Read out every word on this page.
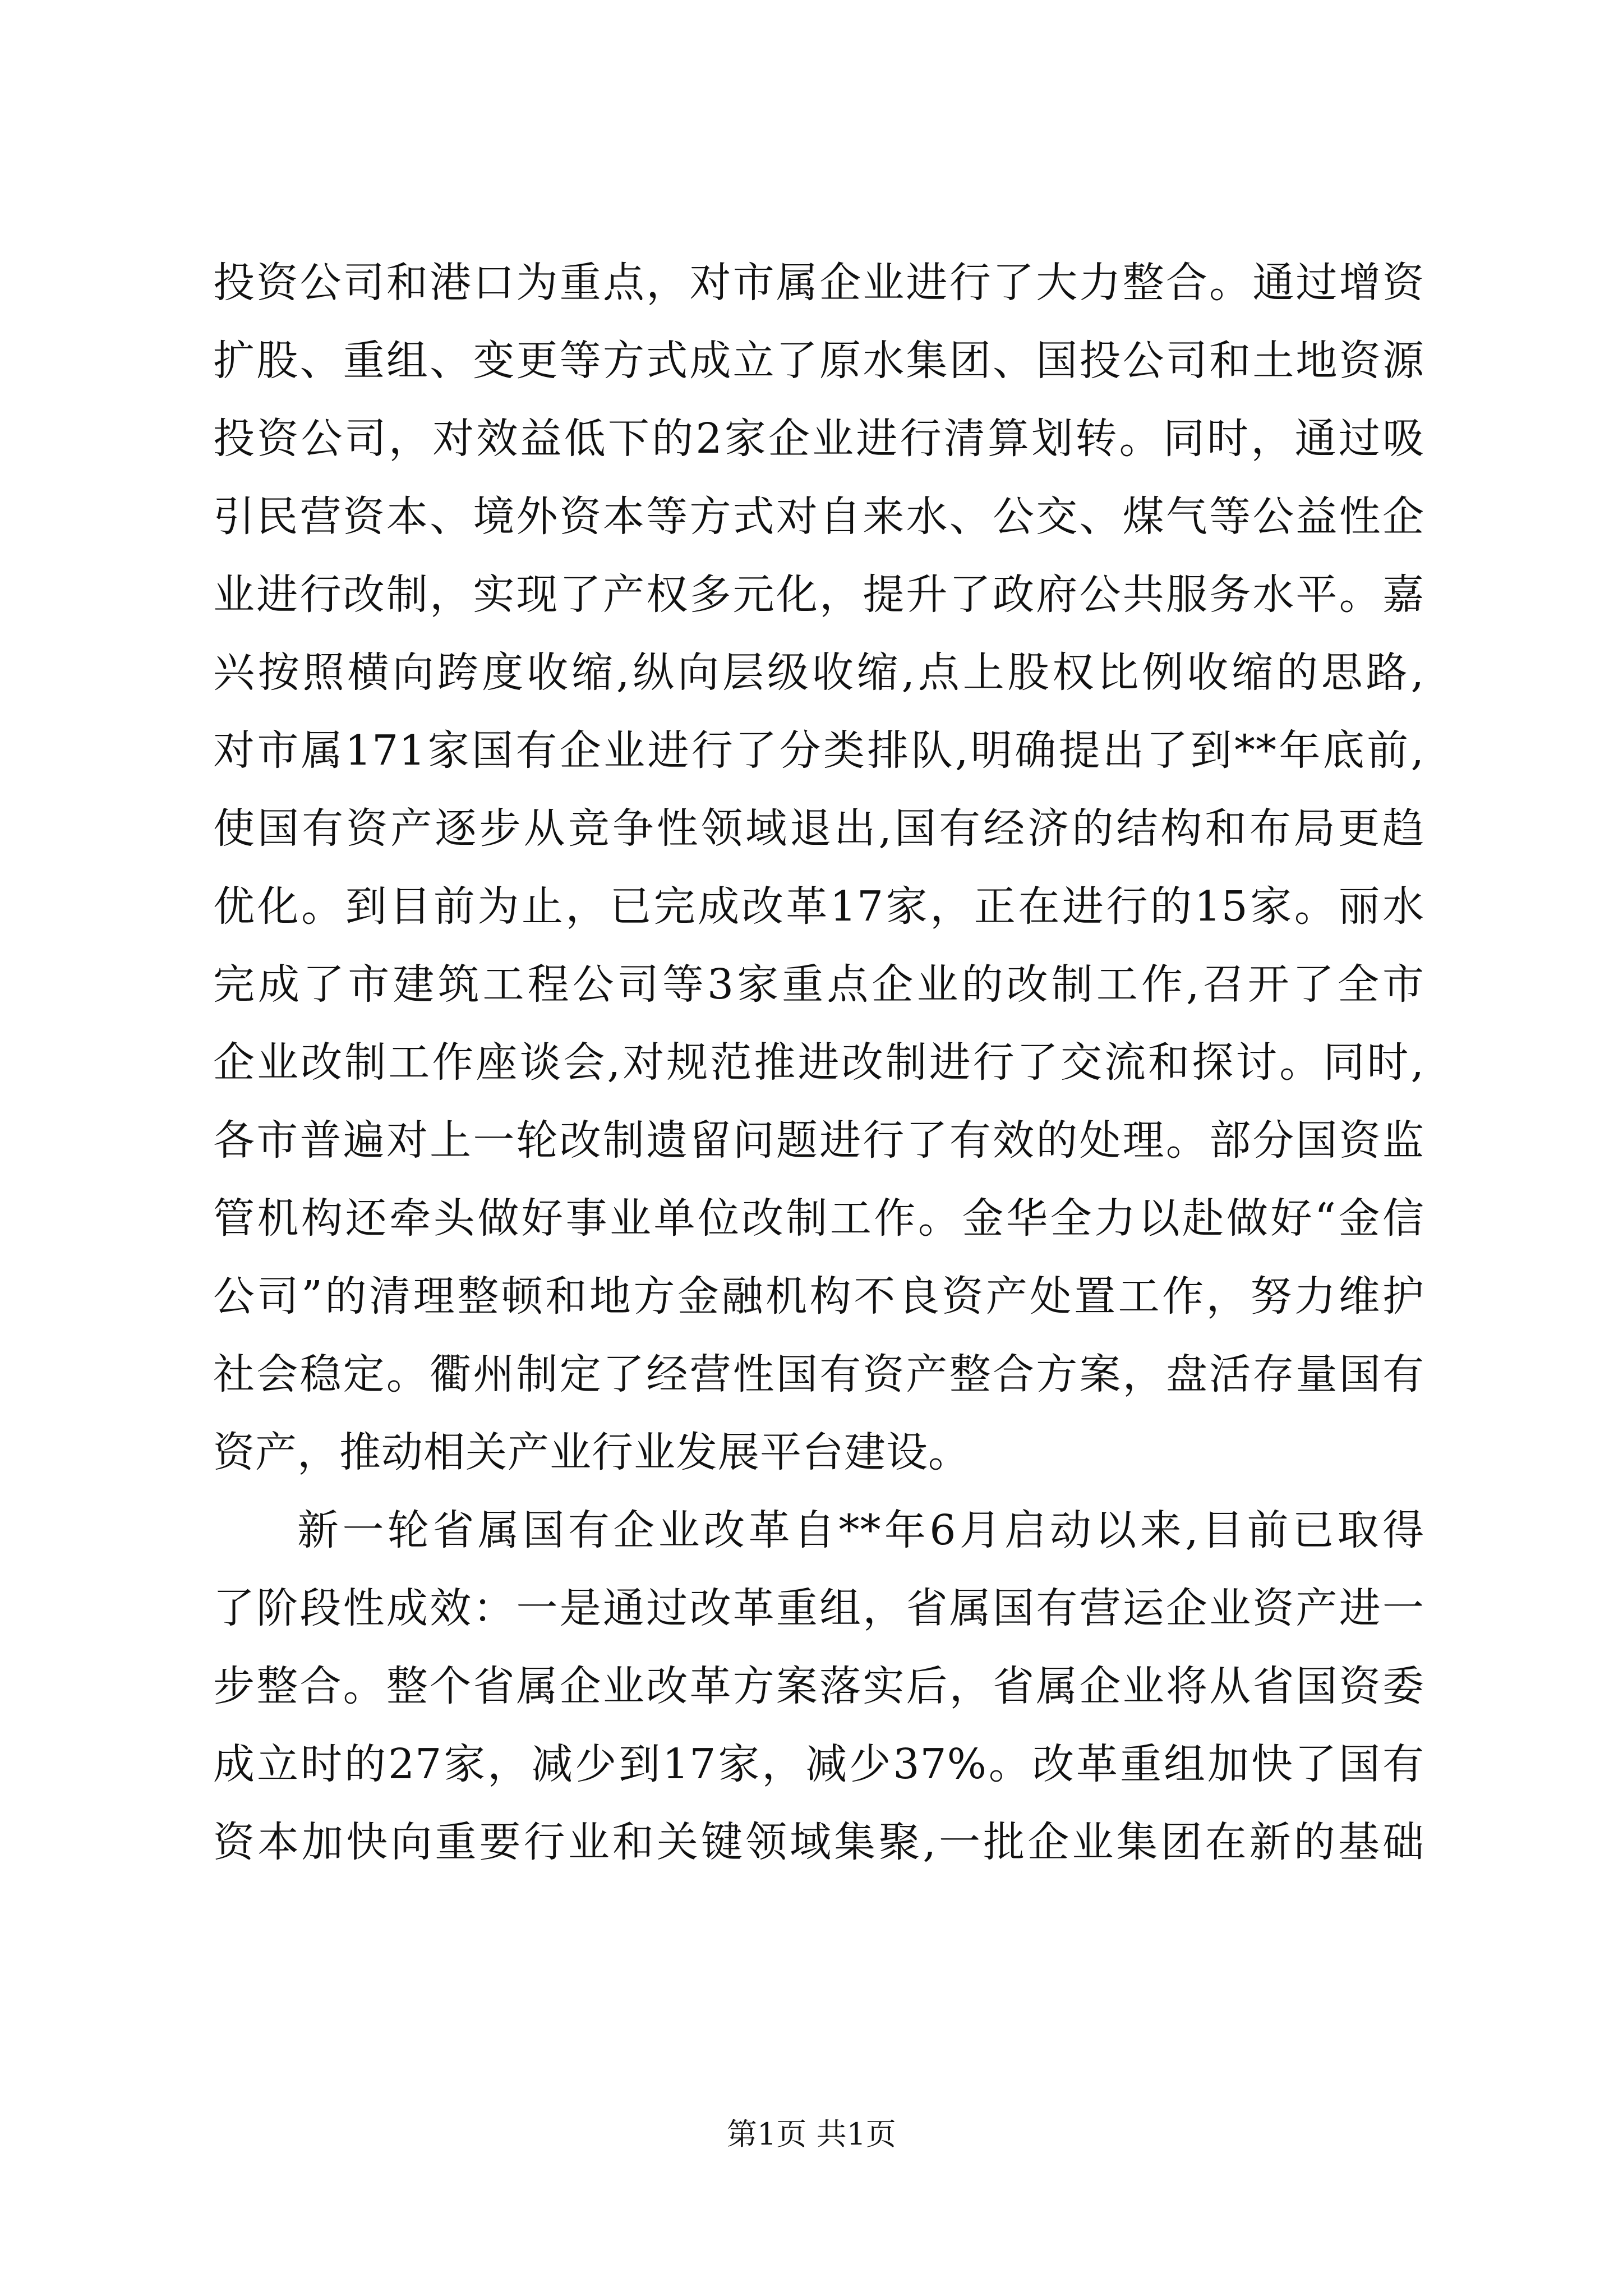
投资公司和港口为重点，对市属企业进行了大力整合。通过增资
扩股、重组、变更等方式成立了原水集团、国投公司和土地资源
投资公司，对效益低下的2家企业进行清算划转。同时，通过吸
引民营资本、境外资本等方式对自来水、公交、煤气等公益性企
业进行改制，实现了产权多元化，提升了政府公共服务水平。嘉
兴按照横向跨度收缩,纵向层级收缩,点上股权比例收缩的思路,
对市属171家国有企业进行了分类排队,明确提出了到**年底前,
使国有资产逐步从竞争性领域退出,国有经济的结构和布局更趋
优化。到目前为止，已完成改革17家，正在进行的15家。丽水
完成了市建筑工程公司等3家重点企业的改制工作,召开了全市
企业改制工作座谈会,对规范推进改制进行了交流和探讨。同时,
各市普遍对上一轮改制遗留问题进行了有效的处理。部分国资监
管机构还牵头做好事业单位改制工作。金华全力以赴做好“金信
公司”的清理整顿和地方金融机构不良资产处置工作，努力维护
社会稳定。衢州制定了经营性国有资产整合方案，盘活存量国有
资产，推动相关产业行业发展平台建设。
新一轮省属国有企业改革自**年6月启动以来,目前已取得
了阶段性成效：一是通过改革重组，省属国有营运企业资产进一
步整合。整个省属企业改革方案落实后，省属企业将从省国资委
成立时的27家，减少到17家，减少37%。改革重组加快了国有
资本加快向重要行业和关键领域集聚,一批企业集团在新的基础
第1页 共1页
